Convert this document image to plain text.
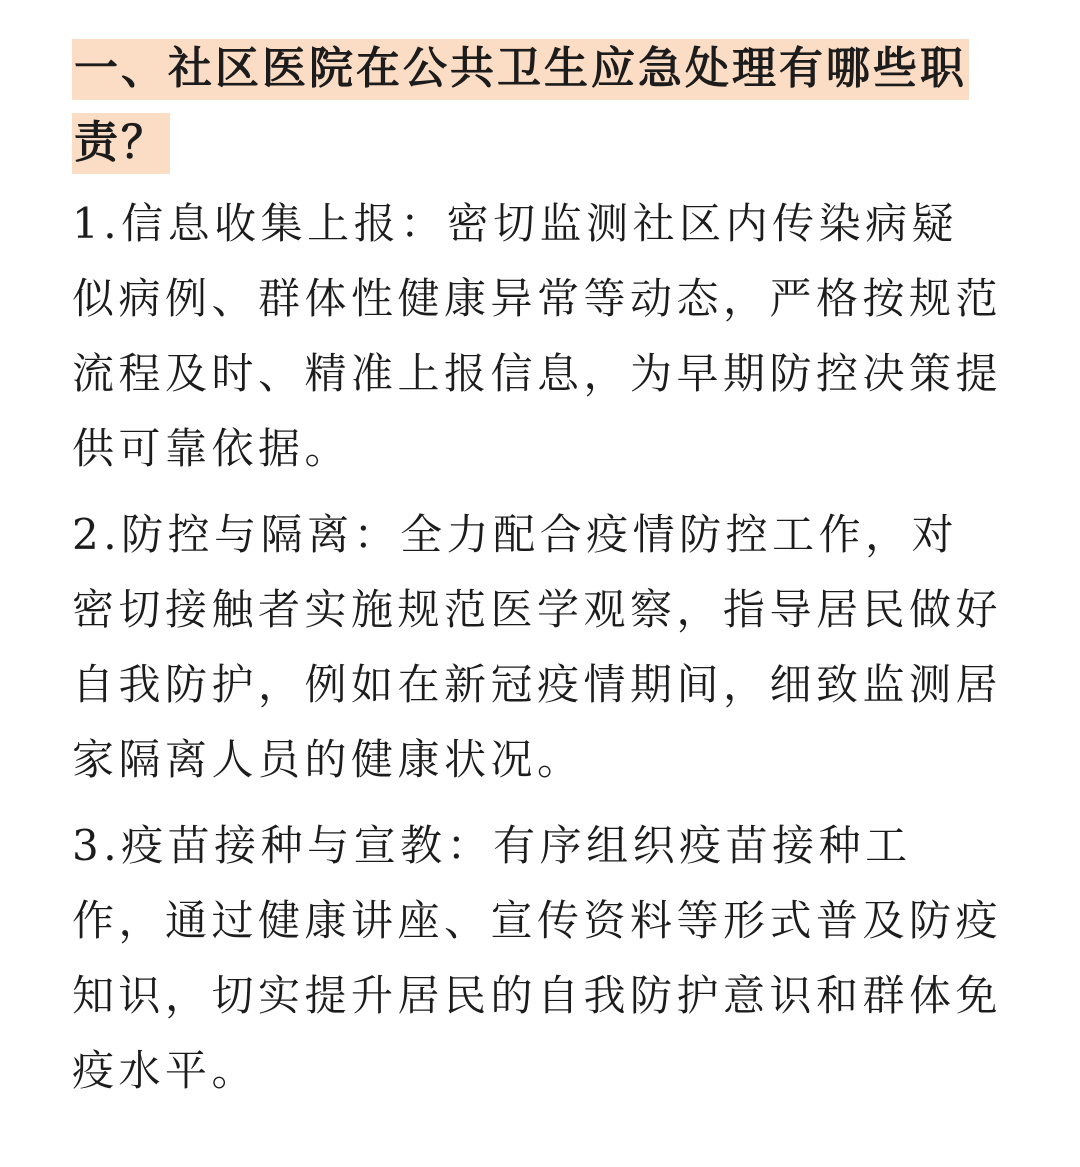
一、社区医院在公共卫生应急处理有哪些职责？

1.信息收集上报：密切监测社区内传染病疑似病例、群体性健康异常等动态，严格按规范流程及时、精准上报信息，为早期防控决策提供可靠依据。

2.防控与隔离：全力配合疫情防控工作，对密切接触者实施规范医学观察，指导居民做好自我防护，例如在新冠疫情期间，细致监测居家隔离人员的健康状况。

3.疫苗接种与宣教：有序组织疫苗接种工作，通过健康讲座、宣传资料等形式普及防疫知识，切实提升居民的自我防护意识和群体免疫水平。
